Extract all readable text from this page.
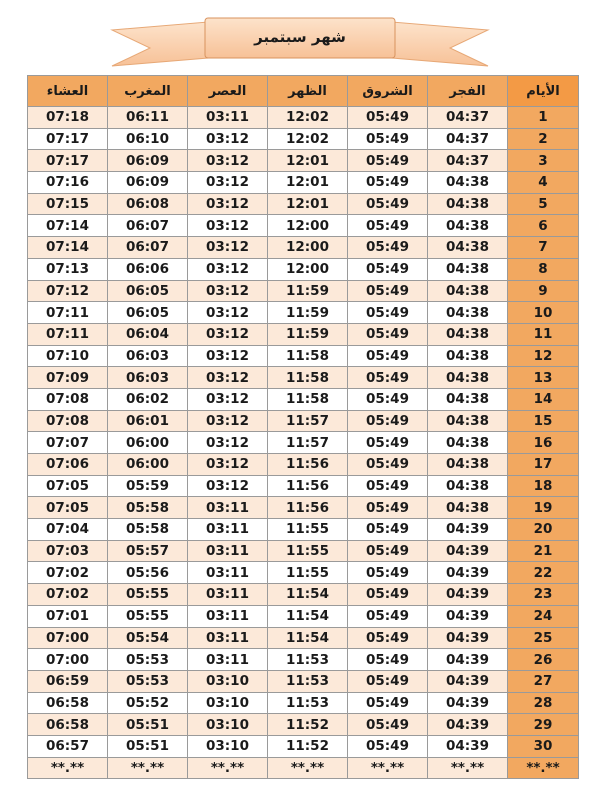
شهر سبتمبر
العشاء	المغرب	العصر	الظهر	الشروق	الفجر	الأيام
07:18	06:11	03:11	12:02	05:49	04:37	1
07:17	06:10	03:12	12:02	05:49	04:37	2
07:17	06:09	03:12	12:01	05:49	04:37	3
07:16	06:09	03:12	12:01	05:49	04:38	4
07:15	06:08	03:12	12:01	05:49	04:38	5
07:14	06:07	03:12	12:00	05:49	04:38	6
07:14	06:07	03:12	12:00	05:49	04:38	7
07:13	06:06	03:12	12:00	05:49	04:38	8
07:12	06:05	03:12	11:59	05:49	04:38	9
07:11	06:05	03:12	11:59	05:49	04:38	10
07:11	06:04	03:12	11:59	05:49	04:38	11
07:10	06:03	03:12	11:58	05:49	04:38	12
07:09	06:03	03:12	11:58	05:49	04:38	13
07:08	06:02	03:12	11:58	05:49	04:38	14
07:08	06:01	03:12	11:57	05:49	04:38	15
07:07	06:00	03:12	11:57	05:49	04:38	16
07:06	06:00	03:12	11:56	05:49	04:38	17
07:05	05:59	03:12	11:56	05:49	04:38	18
07:05	05:58	03:11	11:56	05:49	04:38	19
07:04	05:58	03:11	11:55	05:49	04:39	20
07:03	05:57	03:11	11:55	05:49	04:39	21
07:02	05:56	03:11	11:55	05:49	04:39	22
07:02	05:55	03:11	11:54	05:49	04:39	23
07:01	05:55	03:11	11:54	05:49	04:39	24
07:00	05:54	03:11	11:54	05:49	04:39	25
07:00	05:53	03:11	11:53	05:49	04:39	26
06:59	05:53	03:10	11:53	05:49	04:39	27
06:58	05:52	03:10	11:53	05:49	04:39	28
06:58	05:51	03:10	11:52	05:49	04:39	29
06:57	05:51	03:10	11:52	05:49	04:39	30
**.**	**.**	**.**	**.**	**.**	**.**	**.**
